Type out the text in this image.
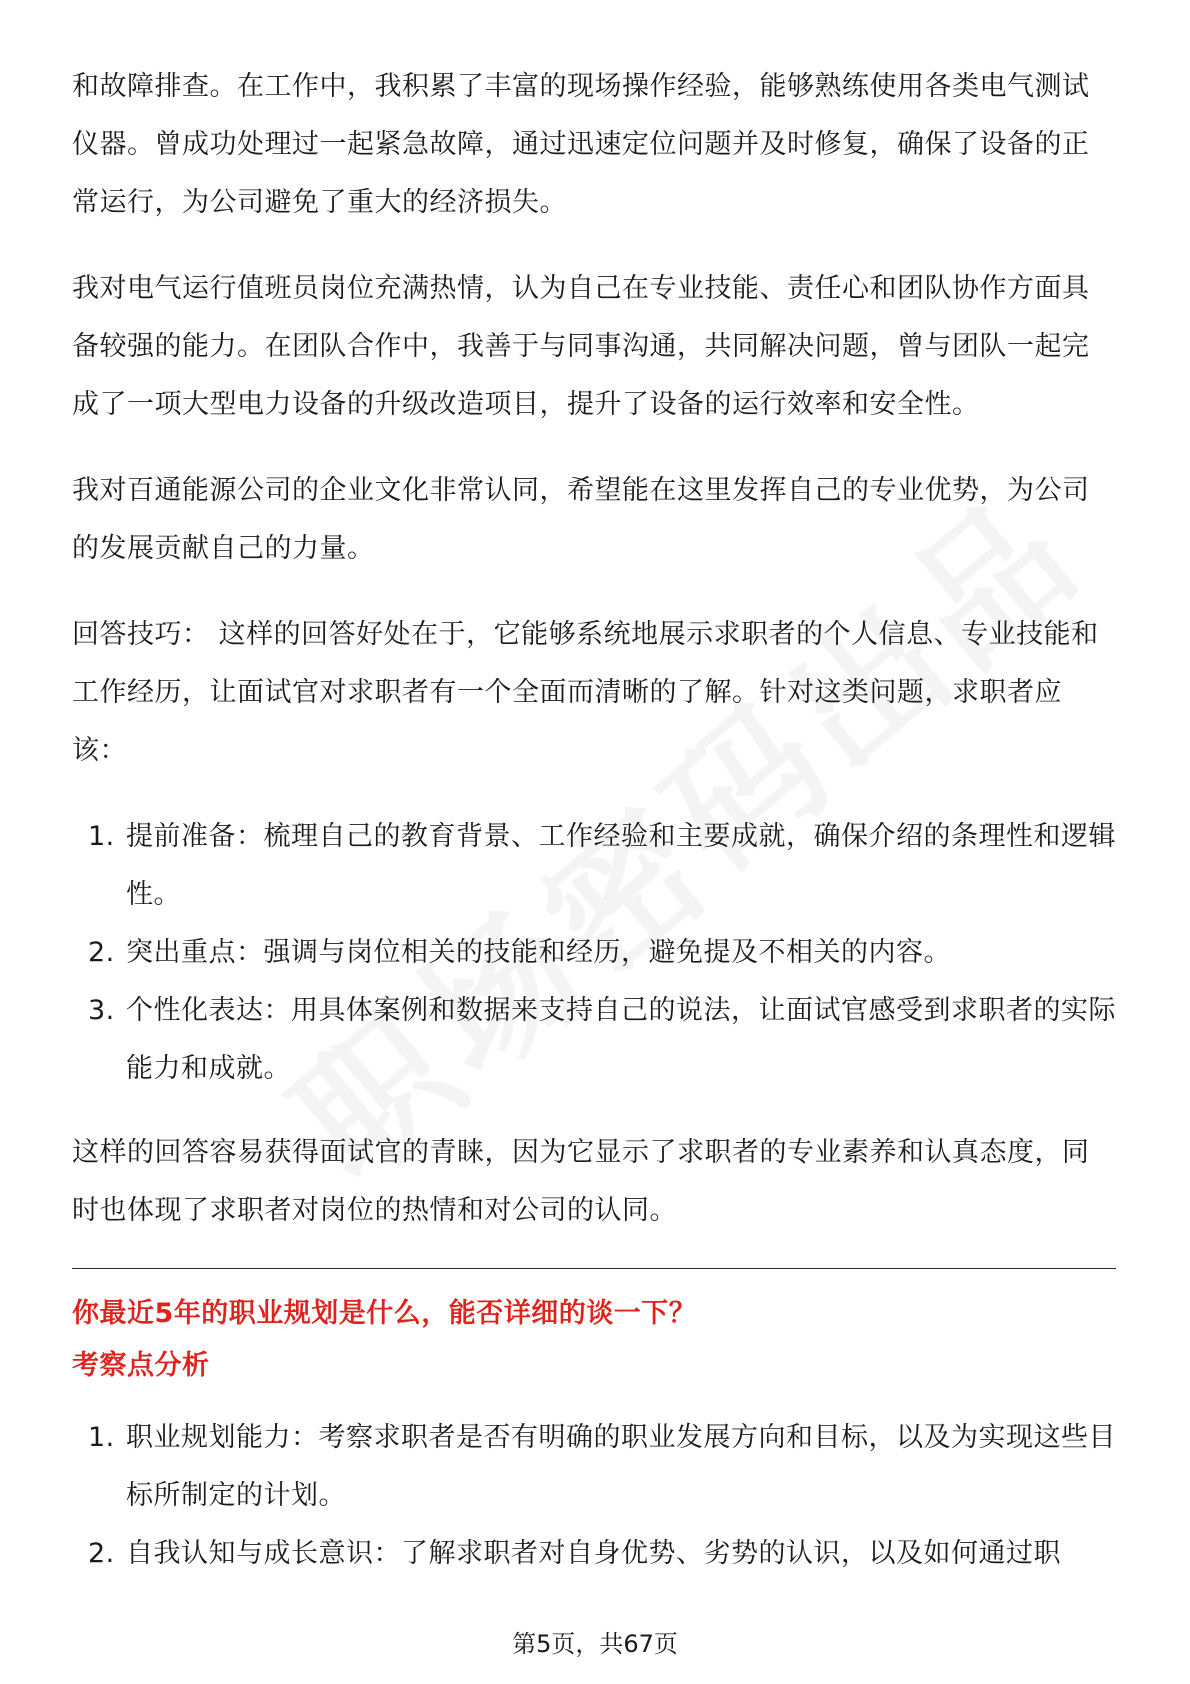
和故障排查。在工作中，我积累了丰富的现场操作经验，能够熟练使用各类电气测试仪器。曾成功处理过一起紧急故障，通过迅速定位问题并及时修复，确保了设备的正常运行，为公司避免了重大的经济损失。

我对电气运行值班员岗位充满热情，认为自己在专业技能、责任心和团队协作方面具备较强的能力。在团队合作中，我善于与同事沟通，共同解决问题，曾与团队一起完成了一项大型电力设备的升级改造项目，提升了设备的运行效率和安全性。

我对百通能源公司的企业文化非常认同，希望能在这里发挥自己的专业优势，为公司的发展贡献自己的力量。

回答技巧： 这样的回答好处在于，它能够系统地展示求职者的个人信息、专业技能和工作经历，让面试官对求职者有一个全面而清晰的了解。针对这类问题，求职者应该：

1. 提前准备：梳理自己的教育背景、工作经验和主要成就，确保介绍的条理性和逻辑性。
2. 突出重点：强调与岗位相关的技能和经历，避免提及不相关的内容。
3. 个性化表达：用具体案例和数据来支持自己的说法，让面试官感受到求职者的实际能力和成就。

这样的回答容易获得面试官的青睐，因为它显示了求职者的专业素养和认真态度，同时也体现了求职者对岗位的热情和对公司的认同。

你最近5年的职业规划是什么，能否详细的谈一下？

考察点分析

1. 职业规划能力：考察求职者是否有明确的职业发展方向和目标，以及为实现这些目标所制定的计划。
2. 自我认知与成长意识：了解求职者对自身优势、劣势的认识，以及如何通过职
第5页，共67页
